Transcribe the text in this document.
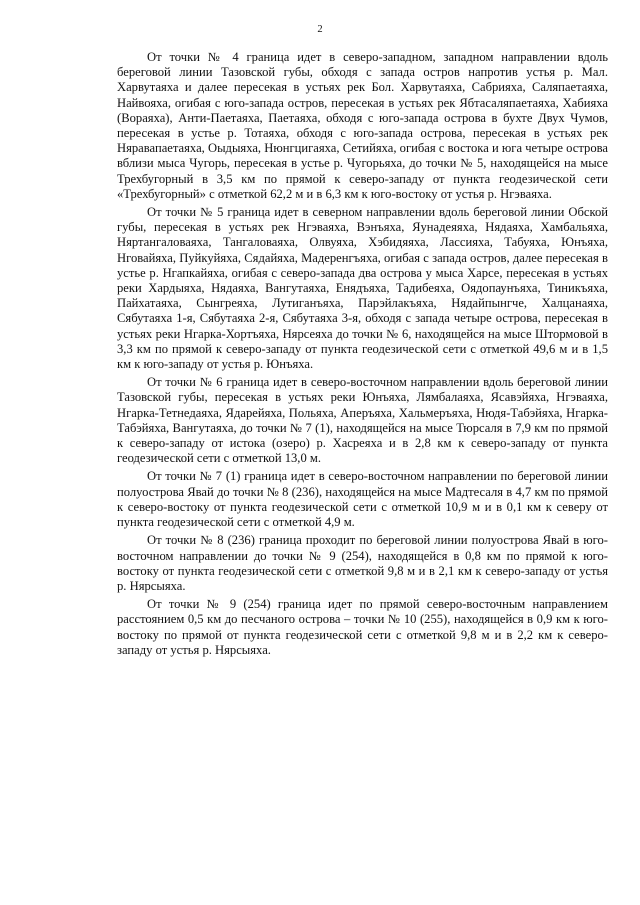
2

От точки № 4 граница идет в северо-западном, западном направлении вдоль береговой линии Тазовской губы, обходя с запада остров напротив устья р. Мал. Харвутаяха и далее пересекая в устьях рек Бол. Харвутаяха, Сабрияха, Саляпаетаяха, Найвояха, огибая с юго-запада остров, пересекая в устьях рек Ябтасаляпаетаяха, Хабияха (Вораяха), Анти-Паетаяха, Паетаяха, обходя с юго-запада острова в бухте Двух Чумов, пересекая в устье р. Тотаяха, обходя с юго-запада острова, пересекая в устьях рек Няравапаетаяха, Оыдыяха, Нюнгцигаяха, Сетийяха, огибая с востока и юга четыре острова вблизи мыса Чугорь, пересекая в устье р. Чугорьяха, до точки № 5, находящейся на мысе Трехбугорный в 3,5 км по прямой к северо-западу от пункта геодезической сети «Трехбугорный» с отметкой 62,2 м и в 6,3 км к юго-востоку от устья р. Нгэваяха.

От точки № 5 граница идет в северном направлении вдоль береговой линии Обской губы, пересекая в устьях рек Нгэваяха, Вэнъяха, Яунадеяяха, Нядаяха, Хамбальяха, Няртангаловаяха, Тангаловаяха, Олвуяха, Хэбидяяха, Лассияха, Табуяха, Юнъяха, Нговайяха, Пуйкуйяха, Сядайяха, Мадеренгъяха, огибая с запада остров, далее пересекая в устье р. Нгапкайяха, огибая с северо-запада два острова у мыса Харсе, пересекая в устьях реки Хардыяха, Нядаяха, Вангутаяха, Енядъяха, Тадибеяха, Оядопаунъяха, Тиникъяха, Пайхатаяха, Сынгреяха, Лутиганъяха, Парэйлакъяха, Нядайпынгче, Халцанаяха, Сябутаяха 1-я, Сябутаяха 2-я, Сябутаяха 3-я, обходя с запада четыре острова, пересекая в устьях реки Нгарка-Хортъяха, Нярсеяха до точки № 6, находящейся на мысе Штормовой в 3,3 км по прямой к северо-западу от пункта геодезической сети с отметкой 49,6 м и в 1,5 км к юго-западу от устья р. Юнъяха.

От точки № 6 граница идет в северо-восточном направлении вдоль береговой линии Тазовской губы, пересекая в устьях реки Юнъяха, Лямбалаяха, Ясавэйяха, Нгэваяха, Нгарка-Тетнедаяха, Ядарейяха, Польяха, Аперъяха, Хальмеръяха, Нюдя-Табэйяха, Нгарка-Табэйяха, Вангутаяха, до точки № 7 (1), находящейся на мысе Тюрсаля в 7,9 км по прямой к северо-западу от истока (озеро) р. Хасреяха и в 2,8 км к северо-западу от пункта геодезической сети с отметкой 13,0 м.

От точки № 7 (1) граница идет в северо-восточном направлении по береговой линии полуострова Явай до точки № 8 (236), находящейся на мысе Мадтесаля в 4,7 км по прямой к северо-востоку от пункта геодезической сети с отметкой 10,9 м и в 0,1 км к северу от пункта геодезической сети с отметкой 4,9 м.

От точки № 8 (236) граница проходит по береговой линии полуострова Явай в юго-восточном направлении до точки № 9 (254), находящейся в 0,8 км по прямой к юго-востоку от пункта геодезической сети с отметкой 9,8 м и в 2,1 км к северо-западу от устья р. Нярсыяха.

От точки № 9 (254) граница идет по прямой северо-восточным направлением расстоянием 0,5 км до песчаного острова – точки № 10 (255), находящейся в 0,9 км к юго-востоку по прямой от пункта геодезической сети с отметкой 9,8 м и в 2,2 км к северо-западу от устья р. Нярсыяха.
